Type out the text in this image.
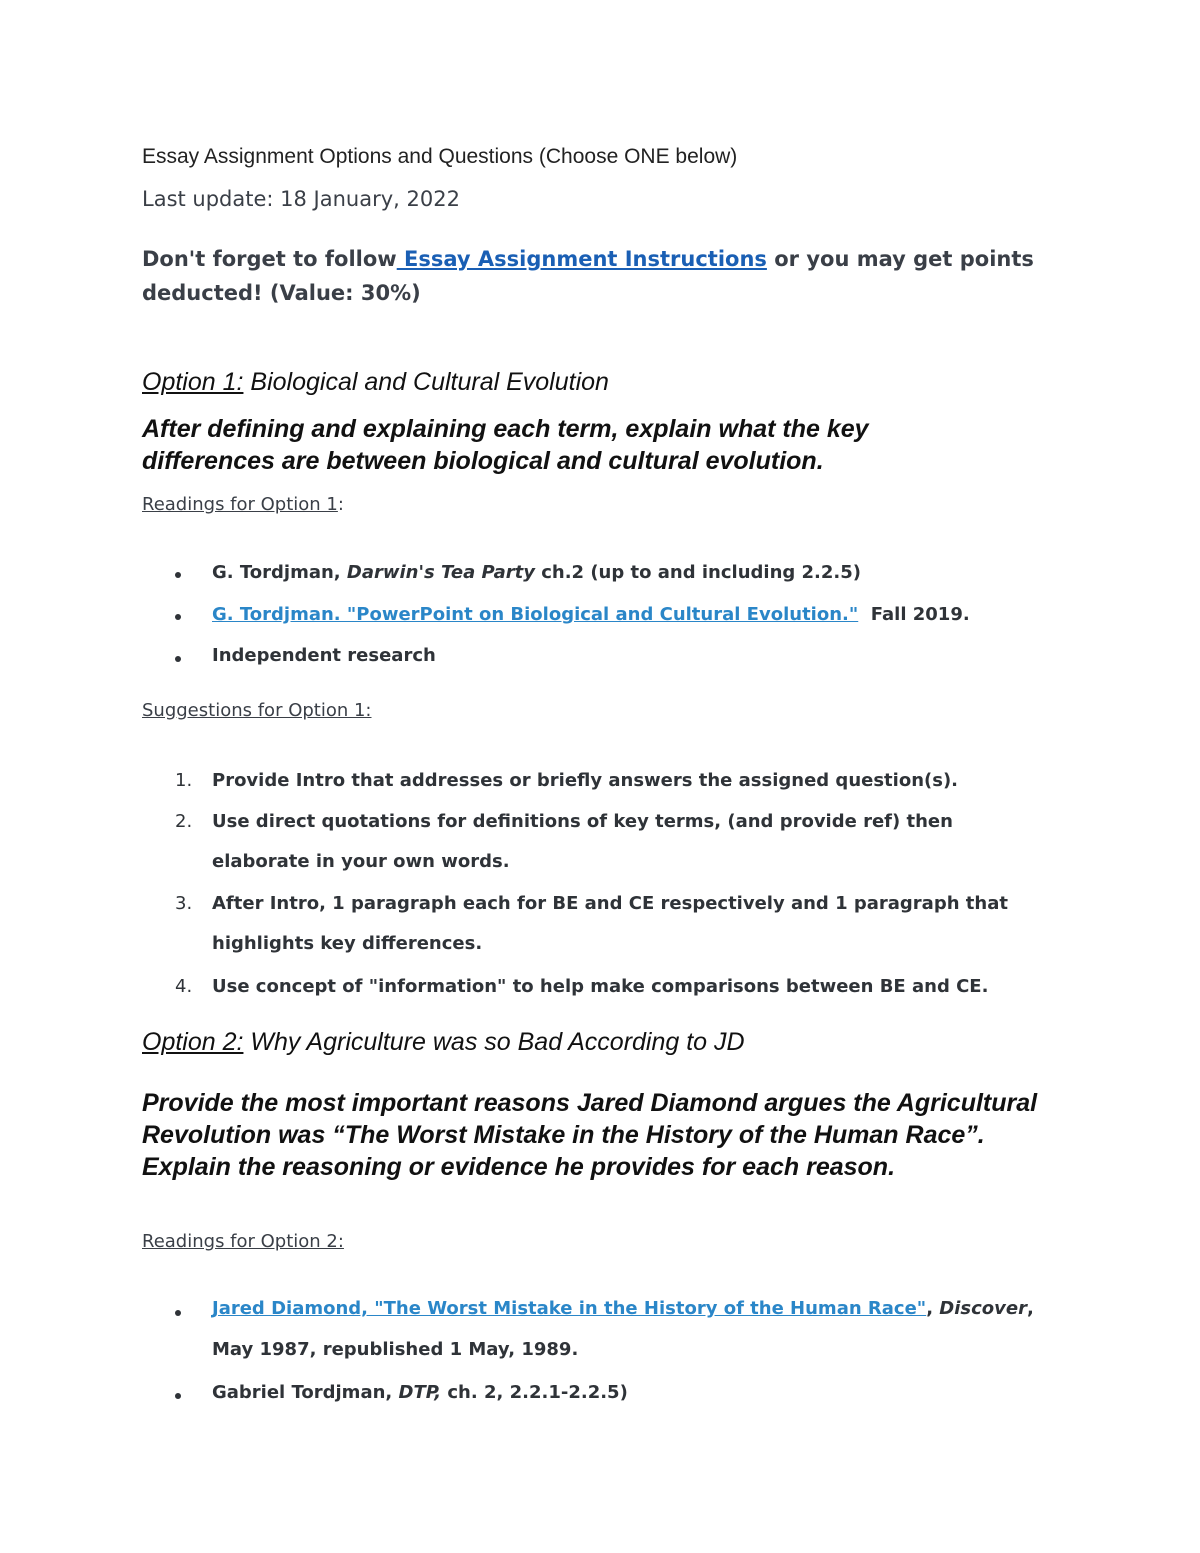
Essay Assignment Options and Questions (Choose ONE below)
Last update: 18 January, 2022
Don't forget to follow Essay Assignment Instructions or you may get points
deducted! (Value: 30%)
Option 1: Biological and Cultural Evolution
After defining and explaining each term, explain what the key
differences are between biological and cultural evolution.
Readings for Option 1:
G. Tordjman, Darwin's Tea Party ch.2 (up to and including 2.2.5)
G. Tordjman. "PowerPoint on Biological and Cultural Evolution."  Fall 2019.
Independent research
Suggestions for Option 1:
1. Provide Intro that addresses or briefly answers the assigned question(s).
2. Use direct quotations for definitions of key terms, (and provide ref) then
elaborate in your own words.
3. After Intro, 1 paragraph each for BE and CE respectively and 1 paragraph that
highlights key differences.
4. Use concept of "information" to help make comparisons between BE and CE.
Option 2: Why Agriculture was so Bad According to JD
Provide the most important reasons Jared Diamond argues the Agricultural Revolution was “The Worst Mistake in the History of the Human Race”. Explain the reasoning or evidence he provides for each reason.
Readings for Option 2:
Jared Diamond, "The Worst Mistake in the History of the Human Race", Discover,
May 1987, republished 1 May, 1989.
Gabriel Tordjman, DTP, ch. 2, 2.2.1-2.2.5)
